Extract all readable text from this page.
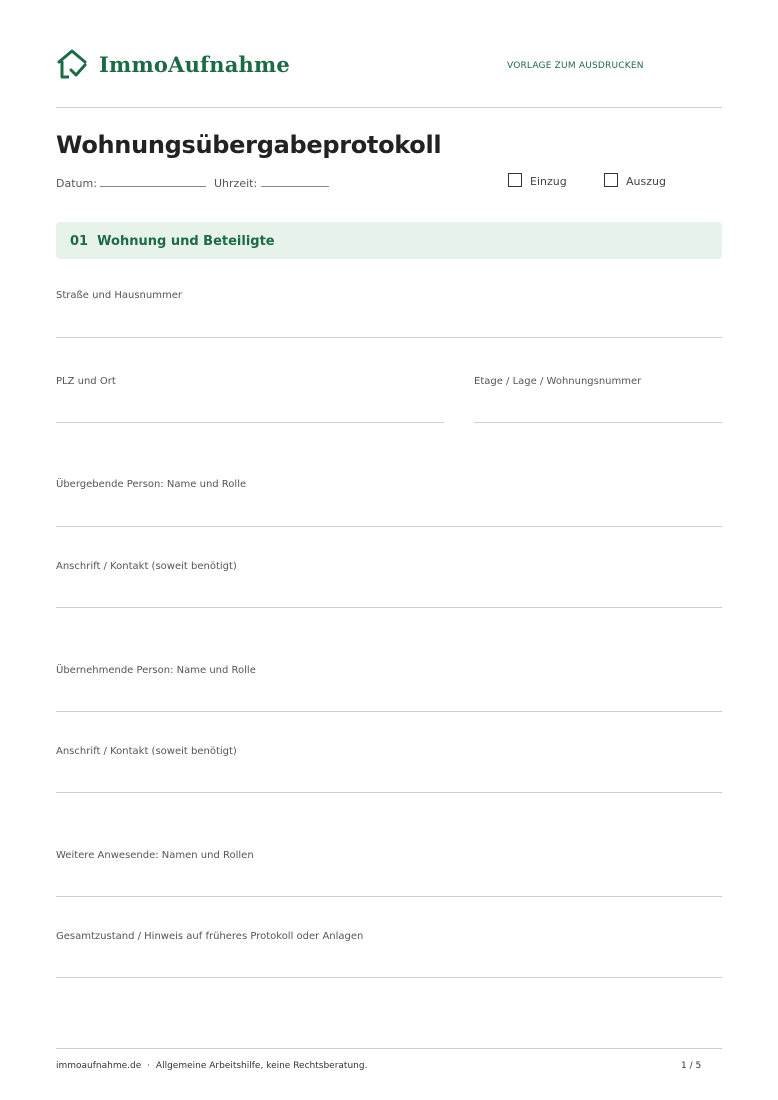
ImmoAufnahme	VORLAGE ZUM AUSDRUCKEN
Wohnungsübergabeprotokoll
Datum:	Uhrzeit:	Einzug	Auszug
01 Wohnung und Beteiligte
Straße und Hausnummer
PLZ und Ort	Etage / Lage / Wohnungsnummer
Übergebende Person: Name und Rolle
Anschrift / Kontakt (soweit benötigt)
Übernehmende Person: Name und Rolle
Anschrift / Kontakt (soweit benötigt)
Weitere Anwesende: Namen und Rollen
Gesamtzustand / Hinweis auf früheres Protokoll oder Anlagen
immoaufnahme.de · Allgemeine Arbeitshilfe, keine Rechtsberatung.	1 / 5
